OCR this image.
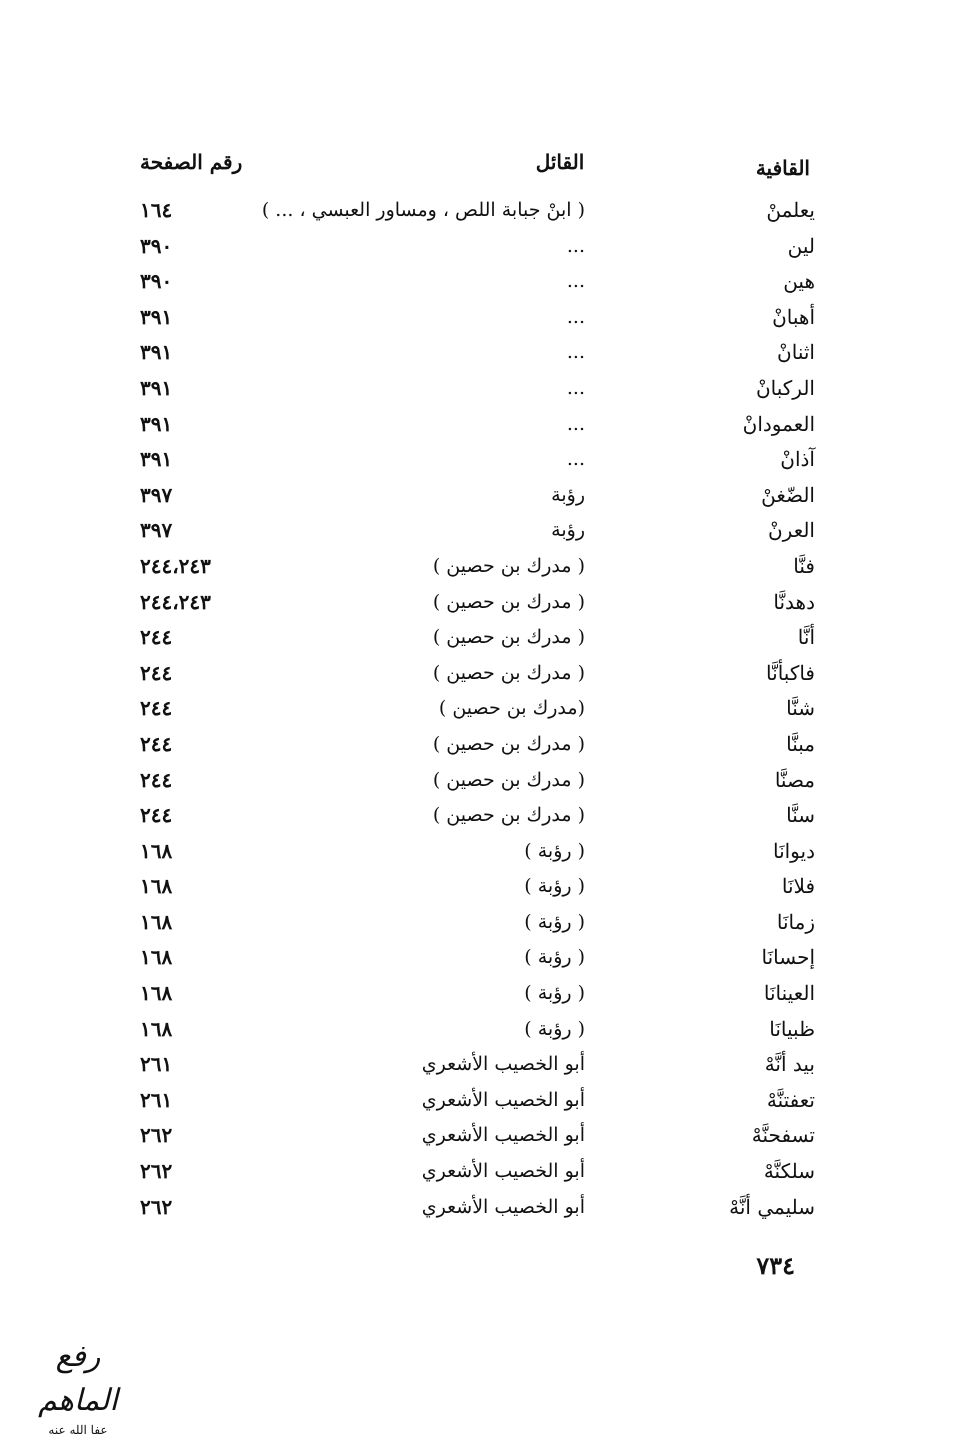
القافية
القائل
رقم الصفحة
يعلمنْ
( ابنْ جبابة اللص ، ومساور العبسي ، ... )
١٦٤
لين
...
٣٩٠
هين
...
٣٩٠
أهبانْ
...
٣٩١
اثنانْ
...
٣٩١
الركبانْ
...
٣٩١
العمودانْ
...
٣٩١
آذانْ
...
٣٩١
الضّغنْ
رؤبة
٣٩٧
العرنْ
رؤبة
٣٩٧
فنَّا
( مدرك بن حصين )
٢٤٤،٢٤٣
دهدنَّا
( مدرك بن حصين )
٢٤٤،٢٤٣
أنَّا
( مدرك بن حصين )
٢٤٤
فاكبأنَّا
( مدرك بن حصين )
٢٤٤
شنَّا
(مدرك بن حصين )
٢٤٤
مبنَّا
( مدرك بن حصين )
٢٤٤
مصنَّا
( مدرك بن حصين )
٢٤٤
سنَّا
( مدرك بن حصين )
٢٤٤
ديوانَا
( رؤبة )
١٦٨
فلانَا
( رؤبة )
١٦٨
زمانَا
( رؤبة )
١٦٨
إحسانَا
( رؤبة )
١٦٨
العينانَا
( رؤبة )
١٦٨
ظبيانَا
( رؤبة )
١٦٨
بيد أنَّهْ
أبو الخصيب الأشعري
٢٦١
تعفتنَّهْ
أبو الخصيب الأشعري
٢٦١
تسفحنَّهْ
أبو الخصيب الأشعري
٢٦٢
سلكنَّهْ
أبو الخصيب الأشعري
٢٦٢
سليمي أنَّهْ
أبو الخصيب الأشعري
٢٦٢
٧٣٤
رفع الماهم
عفا الله عنه
